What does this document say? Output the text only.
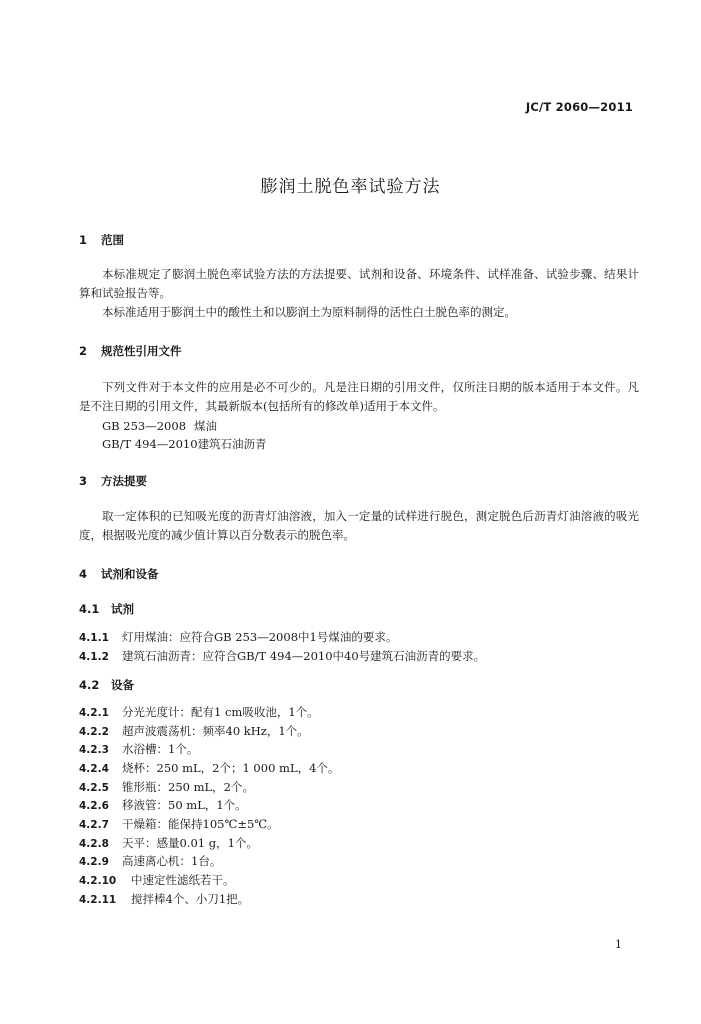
JC/T 2060—2011
膨润土脱色率试验方法
1 范围
本标准规定了膨润土脱色率试验方法的方法提要、试剂和设备、环境条件、试样准备、试验步骤、结果计算和试验报告等。
本标准适用于膨润土中的酸性土和以膨润土为原料制得的活性白土脱色率的测定。
2 规范性引用文件
下列文件对于本文件的应用是必不可少的。凡是注日期的引用文件，仅所注日期的版本适用于本文件。凡是不注日期的引用文件，其最新版本(包括所有的修改单)适用于本文件。
GB 253—2008 煤油
GB/T 494—2010建筑石油沥青
3 方法提要
取一定体积的已知吸光度的沥青灯油溶液，加入一定量的试样进行脱色，测定脱色后沥青灯油溶液的吸光度，根据吸光度的减少值计算以百分数表示的脱色率。
4 试剂和设备
4.1 试剂
4.1.1 灯用煤油：应符合GB 253—2008中1号煤油的要求。
4.1.2 建筑石油沥青：应符合GB/T 494—2010中40号建筑石油沥青的要求。
4.2 设备
4.2.1 分光光度计：配有1 cm吸收池，1个。
4.2.2 超声波震荡机：频率40 kHz，1个。
4.2.3 水浴槽：1个。
4.2.4 烧杯：250 mL，2个；1 000 mL，4个。
4.2.5 锥形瓶：250 mL，2个。
4.2.6 移液管：50 mL，1个。
4.2.7 干燥箱：能保持105℃±5℃。
4.2.8 天平：感量0.01 g，1个。
4.2.9 高速离心机：1台。
4.2.10 中速定性滤纸若干。
4.2.11 搅拌棒4个、小刀1把。
1
